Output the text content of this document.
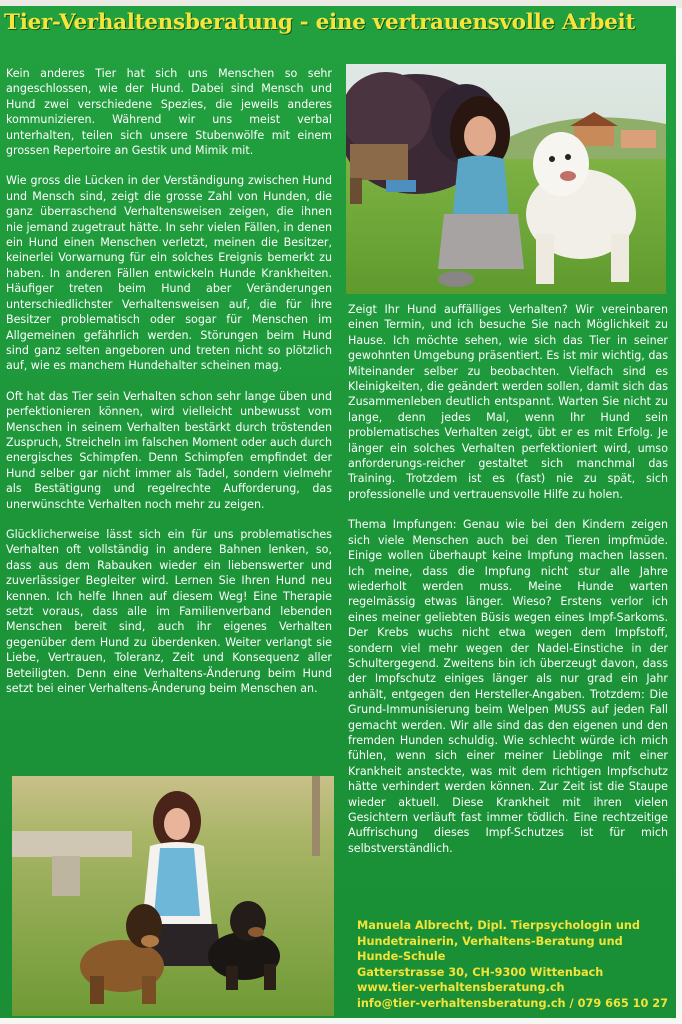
Tier-Verhaltensberatung - eine vertrauensvolle Arbeit

Kein anderes Tier hat sich uns Menschen so sehr angeschlossen, wie der Hund. Dabei sind Mensch und Hund zwei verschiedene Spezies, die jeweils anderes kommunizieren. Während wir uns meist verbal unterhalten, teilen sich unsere Stubenwölfe mit einem grossen Repertoire an Gestik und Mimik mit.

Wie gross die Lücken in der Verständigung zwischen Hund und Mensch sind, zeigt die grosse Zahl von Hunden, die ganz überraschend Verhaltensweisen zeigen, die ihnen nie jemand zugetraut hätte. In sehr vielen Fällen, in denen ein Hund einen Menschen verletzt, meinen die Besitzer, keinerlei Vorwarnung für ein solches Ereignis bemerkt zu haben. In anderen Fällen entwickeln Hunde Krankheiten. Häufiger treten beim Hund aber Veränderungen unterschiedlichster Verhaltensweisen auf, die für ihre Besitzer problematisch oder sogar für Menschen im Allgemeinen gefährlich werden. Störungen beim Hund sind ganz selten angeboren und treten nicht so plötzlich auf, wie es manchem Hundehalter scheinen mag.

Oft hat das Tier sein Verhalten schon sehr lange üben und perfektionieren können, wird vielleicht unbewusst vom Menschen in seinem Verhalten bestärkt durch tröstenden Zuspruch, Streicheln im falschen Moment oder auch durch energisches Schimpfen. Denn Schimpfen empfindet der Hund selber gar nicht immer als Tadel, sondern vielmehr als Bestätigung und regelrechte Aufforderung, das unerwünschte Verhalten noch mehr zu zeigen.

Glücklicherweise lässt sich ein für uns problematisches Verhalten oft vollständig in andere Bahnen lenken, so, dass aus dem Rabauken wieder ein liebenswerter und zuverlässiger Begleiter wird. Lernen Sie Ihren Hund neu kennen. Ich helfe Ihnen auf diesem Weg! Eine Therapie setzt voraus, dass alle im Familienverband lebenden Menschen bereit sind, auch ihr eigenes Verhalten gegenüber dem Hund zu überdenken. Weiter verlangt sie Liebe, Vertrauen, Toleranz, Zeit und Konsequenz aller Beteiligten. Denn eine Verhaltens-Änderung beim Hund setzt bei einer Verhaltens-Änderung beim Menschen an.

Zeigt Ihr Hund auffälliges Verhalten? Wir vereinbaren einen Termin, und ich besuche Sie nach Möglichkeit zu Hause. Ich möchte sehen, wie sich das Tier in seiner gewohnten Umgebung präsentiert. Es ist mir wichtig, das Miteinander selber zu beobachten. Vielfach sind es Kleinigkeiten, die geändert werden sollen, damit sich das Zusammenleben deutlich entspannt. Warten Sie nicht zu lange, denn jedes Mal, wenn Ihr Hund sein problematisches Verhalten zeigt, übt er es mit Erfolg. Je länger ein solches Verhalten perfektioniert wird, umso anforderungs-reicher gestaltet sich manchmal das Training. Trotzdem ist es (fast) nie zu spät, sich professionelle und vertrauensvolle Hilfe zu holen.

Thema Impfungen: Genau wie bei den Kindern zeigen sich viele Menschen auch bei den Tieren impfmüde. Einige wollen überhaupt keine Impfung machen lassen. Ich meine, dass die Impfung nicht stur alle Jahre wiederholt werden muss. Meine Hunde warten regelmässig etwas länger. Wieso? Erstens verlor ich eines meiner geliebten Büsis wegen eines Impf-Sarkoms. Der Krebs wuchs nicht etwa wegen dem Impfstoff, sondern viel mehr wegen der Nadel-Einstiche in der Schultergegend. Zweitens bin ich überzeugt davon, dass der Impfschutz einiges länger als nur grad ein Jahr anhält, entgegen den Hersteller-Angaben. Trotzdem: Die Grund-Immunisierung beim Welpen MUSS auf jeden Fall gemacht werden. Wir alle sind das den eigenen und den fremden Hunden schuldig. Wie schlecht würde ich mich fühlen, wenn sich einer meiner Lieblinge mit einer Krankheit ansteckte, was mit dem richtigen Impfschutz hätte verhindert werden können. Zur Zeit ist die Staupe wieder aktuell. Diese Krankheit mit ihren vielen Gesichtern verläuft fast immer tödlich. Eine rechtzeitige Auffrischung dieses Impf-Schutzes ist für mich selbstverständlich.

Manuela Albrecht, Dipl. Tierpsychologin und
Hundetrainerin, Verhaltens-Beratung und
Hunde-Schule
Gatterstrasse 30, CH-9300 Wittenbach
www.tier-verhaltensberatung.ch
info@tier-verhaltensberatung.ch / 079 665 10 27
